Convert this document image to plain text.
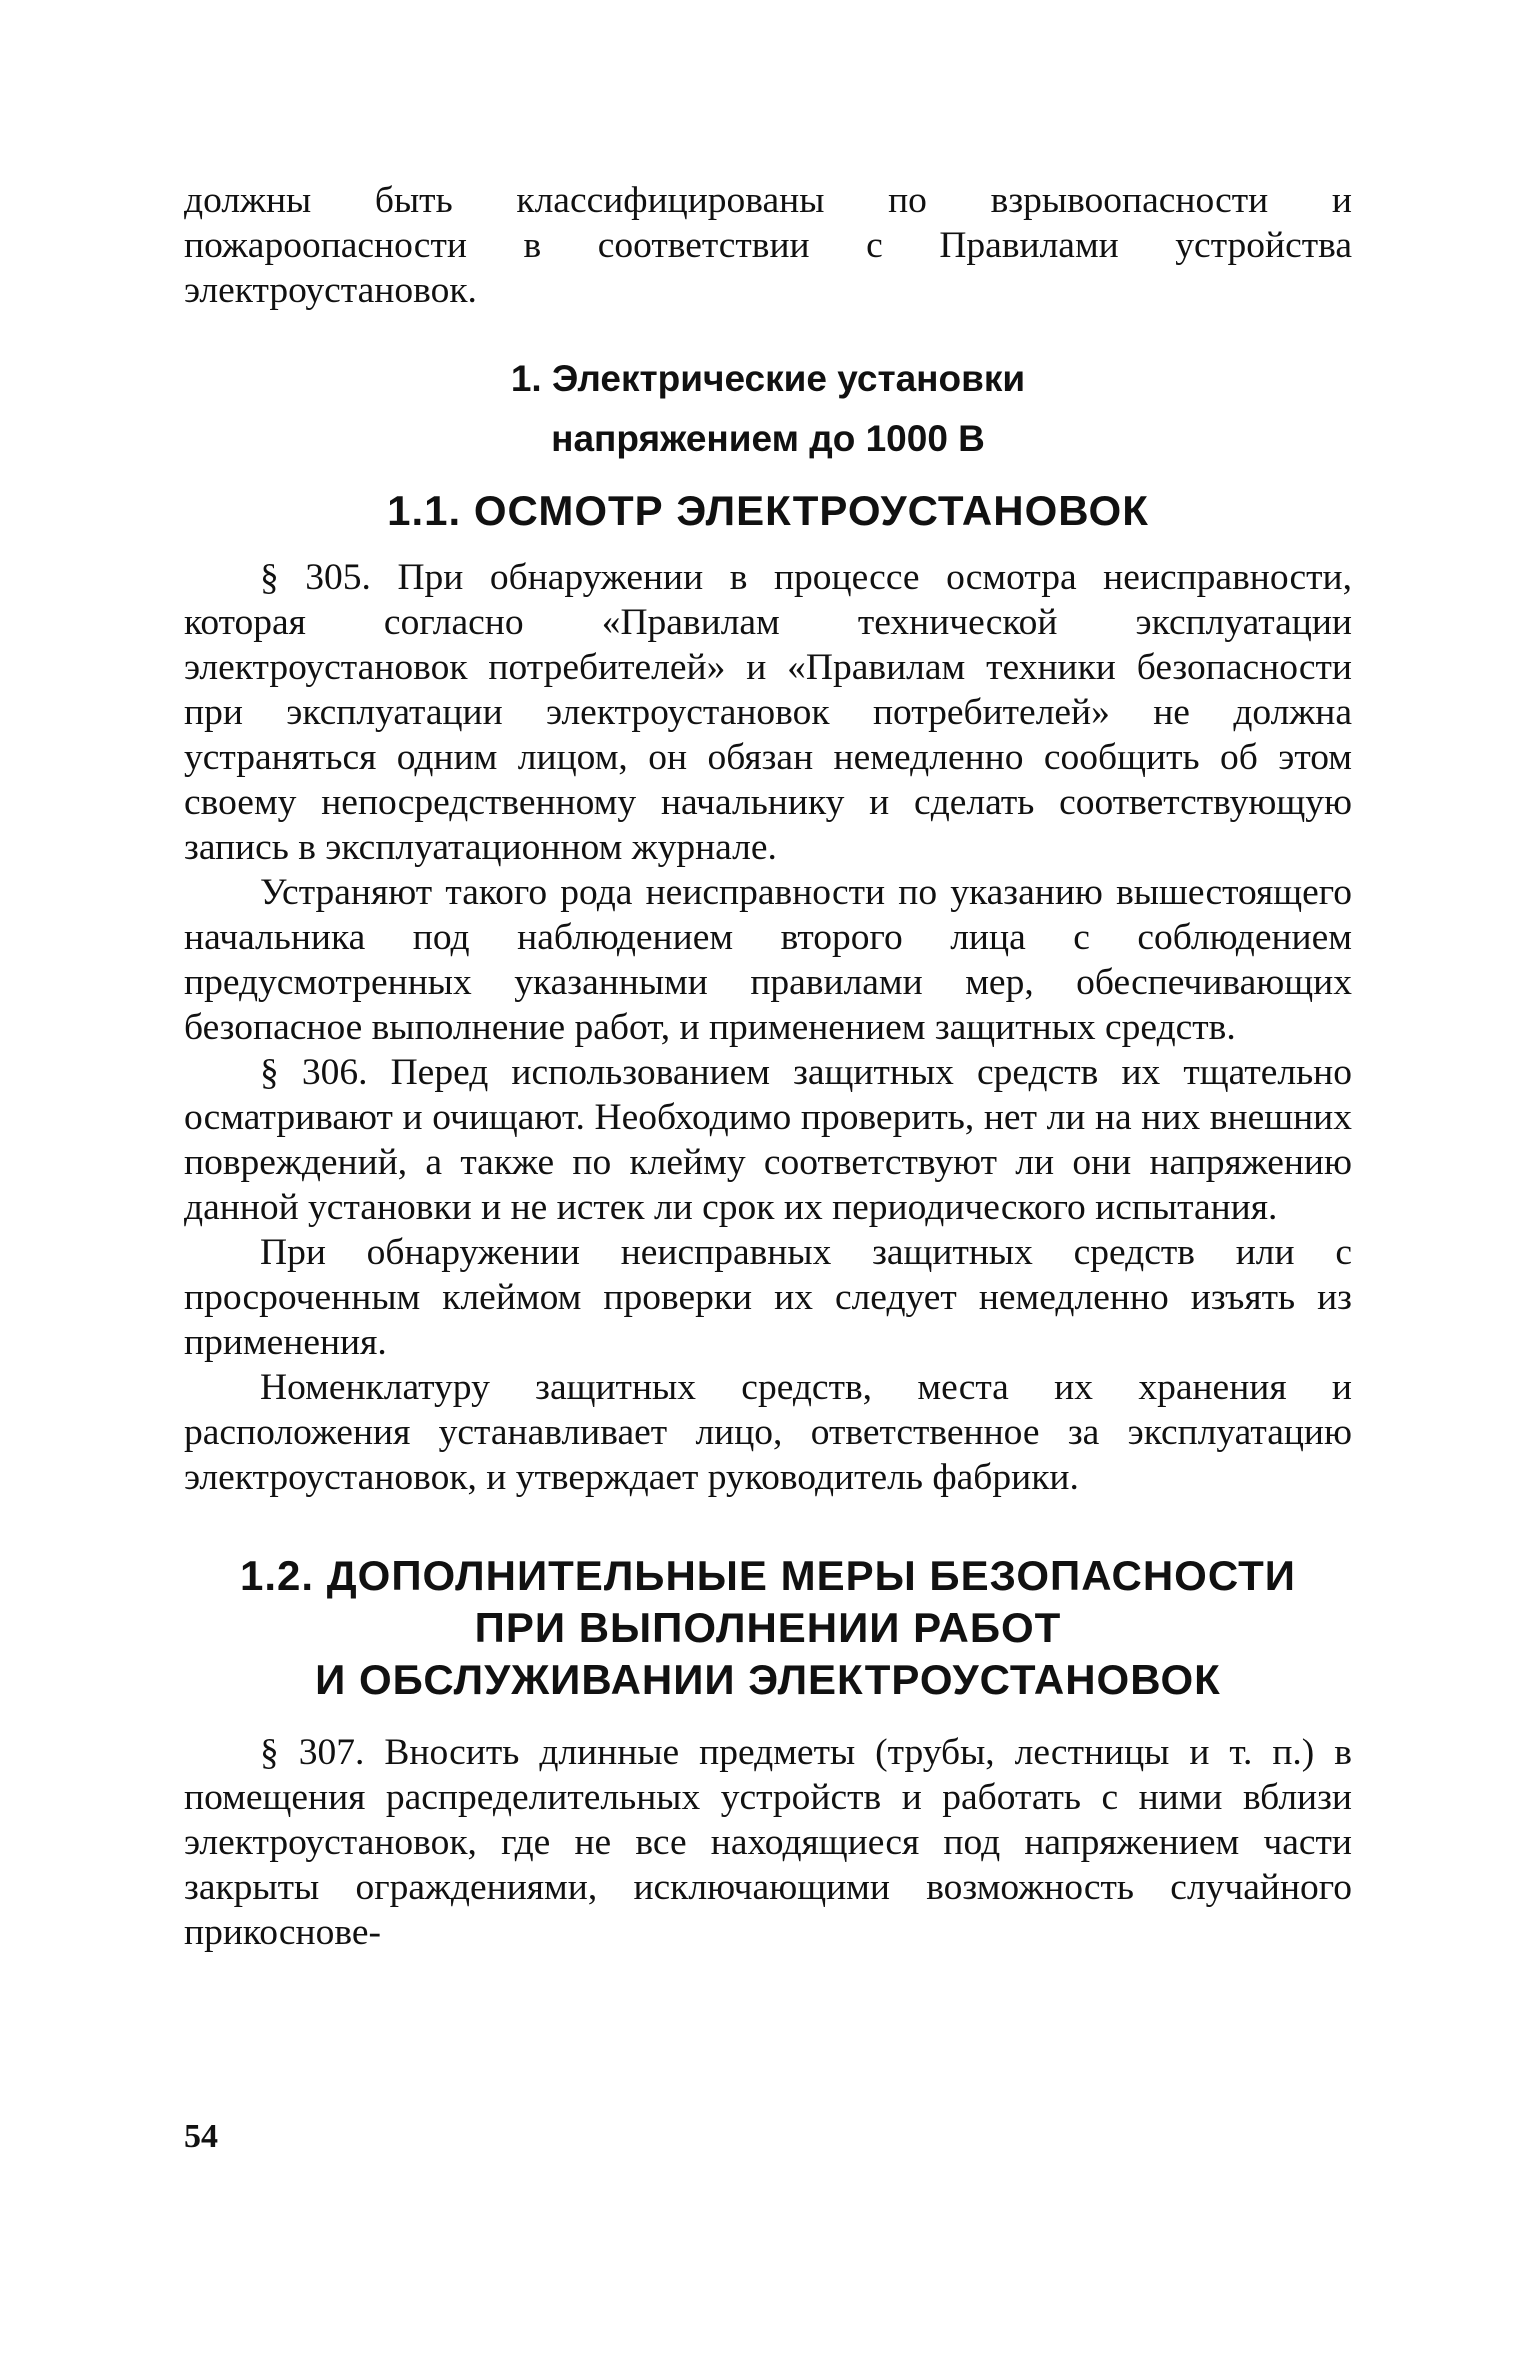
должны быть классифицированы по взрывоопасности и пожароопасности в соответствии с Правилами устройства электроустановок.

1. Электрические установки
напряжением до 1000 В
1.1. ОСМОТР ЭЛЕКТРОУСТАНОВОК

§ 305. При обнаружении в процессе осмотра неисправности, которая согласно «Правилам технической эксплуатации электроустановок потребителей» и «Правилам техники безопасности при эксплуатации электроустановок потребителей» не должна устраняться одним лицом, он обязан немедленно сообщить об этом своему непосредственному начальнику и сделать соответствующую запись в эксплуатационном журнале.

Устраняют такого рода неисправности по указанию вышестоящего начальника под наблюдением второго лица с соблюдением предусмотренных указанными правилами мер, обеспечивающих безопасное выполнение работ, и применением защитных средств.

§ 306. Перед использованием защитных средств их тщательно осматривают и очищают. Необходимо проверить, нет ли на них внешних повреждений, а также по клейму соответствуют ли они напряжению данной установки и не истек ли срок их периодического испытания.

При обнаружении неисправных защитных средств или с просроченным клеймом проверки их следует немедленно изъять из применения.

Номенклатуру защитных средств, места их хранения и расположения устанавливает лицо, ответственное за эксплуатацию электроустановок, и утверждает руководитель фабрики.

1.2. ДОПОЛНИТЕЛЬНЫЕ МЕРЫ БЕЗОПАСНОСТИ
ПРИ ВЫПОЛНЕНИИ РАБОТ
И ОБСЛУЖИВАНИИ ЭЛЕКТРОУСТАНОВОК

§ 307. Вносить длинные предметы (трубы, лестницы и т. п.) в помещения распределительных устройств и работать с ними вблизи электроустановок, где не все находящиеся под напряжением части закрыты ограждениями, исключающими возможность случайного прикоснове-

54
